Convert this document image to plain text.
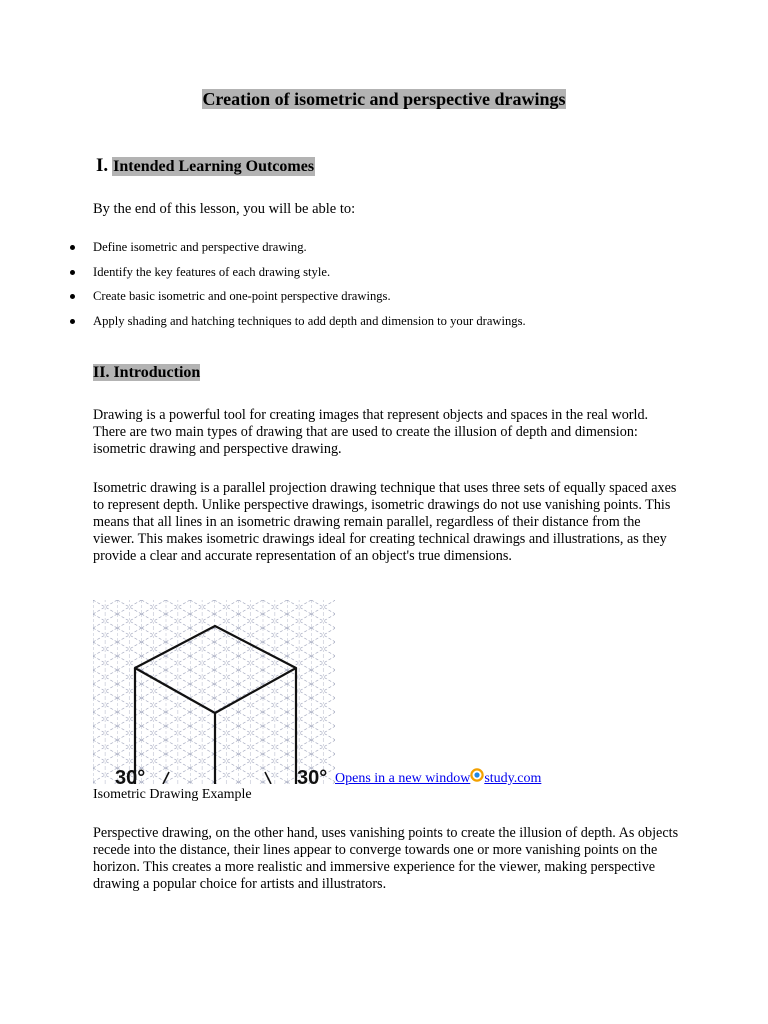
Creation of isometric and perspective drawings
I. Intended Learning Outcomes
By the end of this lesson, you will be able to:
Define isometric and perspective drawing.
Identify the key features of each drawing style.
Create basic isometric and one-point perspective drawings.
Apply shading and hatching techniques to add depth and dimension to your drawings.
II. Introduction
Drawing is a powerful tool for creating images that represent objects and spaces in the real world. There are two main types of drawing that are used to create the illusion of depth and dimension: isometric drawing and perspective drawing.
Isometric drawing is a parallel projection drawing technique that uses three sets of equally spaced axes to represent depth. Unlike perspective drawings, isometric drawings do not use vanishing points. This means that all lines in an isometric drawing remain parallel, regardless of their distance from the viewer. This makes isometric drawings ideal for creating technical drawings and illustrations, as they provide a clear and accurate representation of an object's true dimensions.
30°	30° Opens in a new window study.com
Isometric Drawing Example
Perspective drawing, on the other hand, uses vanishing points to create the illusion of depth. As objects recede into the distance, their lines appear to converge towards one or more vanishing points on the horizon. This creates a more realistic and immersive experience for the viewer, making perspective drawing a popular choice for artists and illustrators.
